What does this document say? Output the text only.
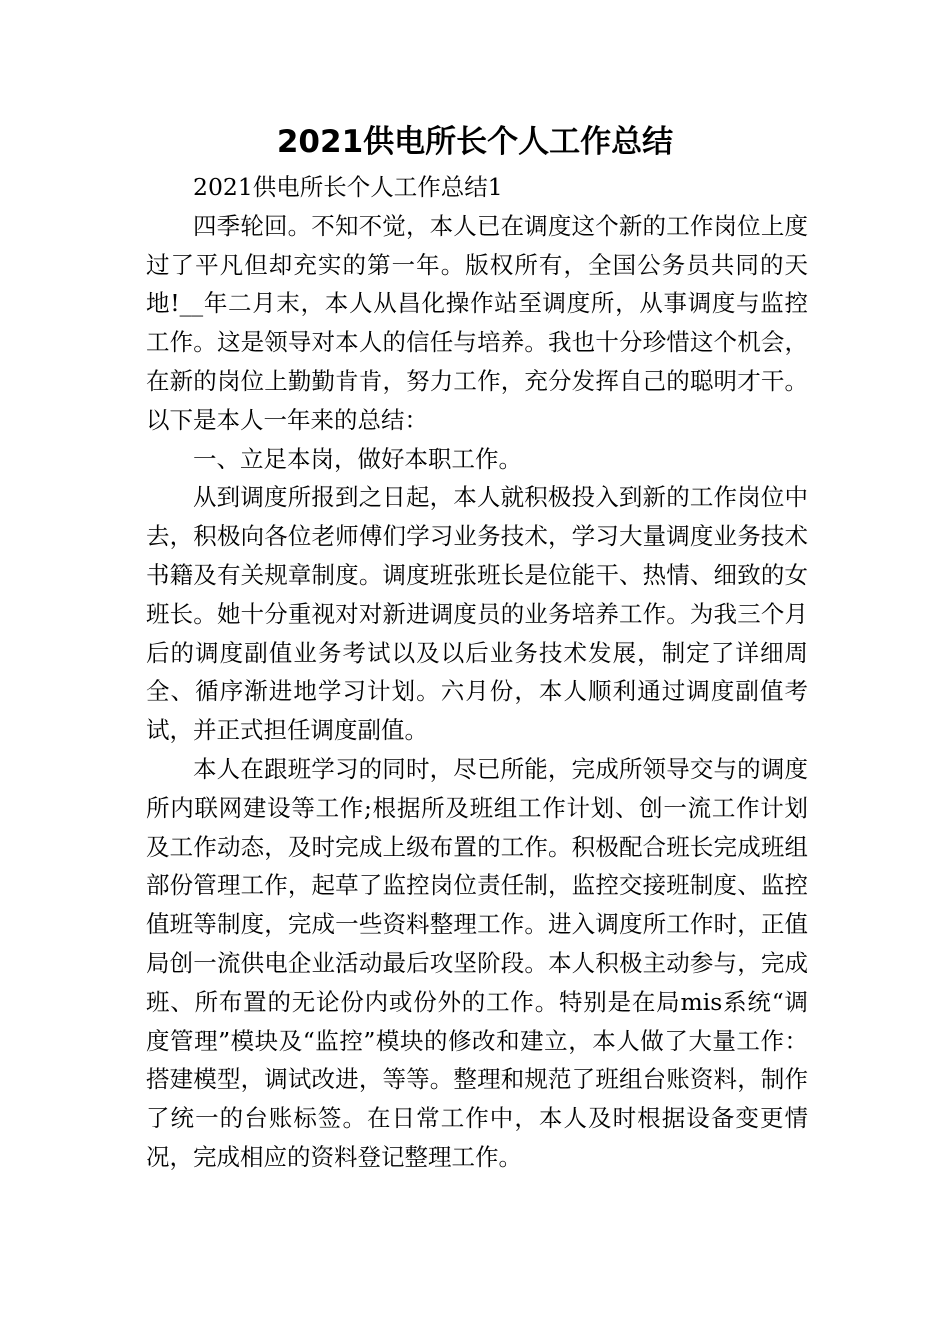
2021供电所长个人工作总结

2021供电所长个人工作总结1

四季轮回。不知不觉，本人已在调度这个新的工作岗位上度过了平凡但却充实的第一年。版权所有，全国公务员共同的天地!__年二月末，本人从昌化操作站至调度所，从事调度与监控工作。这是领导对本人的信任与培养。我也十分珍惜这个机会，在新的岗位上勤勤肯肯，努力工作，充分发挥自己的聪明才干。以下是本人一年来的总结：

一、立足本岗，做好本职工作。

从到调度所报到之日起，本人就积极投入到新的工作岗位中去，积极向各位老师傅们学习业务技术，学习大量调度业务技术书籍及有关规章制度。调度班张班长是位能干、热情、细致的女班长。她十分重视对对新进调度员的业务培养工作。为我三个月后的调度副值业务考试以及以后业务技术发展，制定了详细周全、循序渐进地学习计划。六月份，本人顺利通过调度副值考试，并正式担任调度副值。

本人在跟班学习的同时，尽已所能，完成所领导交与的调度所内联网建设等工作;根据所及班组工作计划、创一流工作计划及工作动态，及时完成上级布置的工作。积极配合班长完成班组部份管理工作，起草了监控岗位责任制，监控交接班制度、监控值班等制度，完成一些资料整理工作。进入调度所工作时，正值局创一流供电企业活动最后攻坚阶段。本人积极主动参与，完成班、所布置的无论份内或份外的工作。特别是在局mis系统“调度管理”模块及“监控”模块的修改和建立，本人做了大量工作：搭建模型，调试改进，等等。整理和规范了班组台账资料，制作了统一的台账标签。在日常工作中，本人及时根据设备变更情况，完成相应的资料登记整理工作。
